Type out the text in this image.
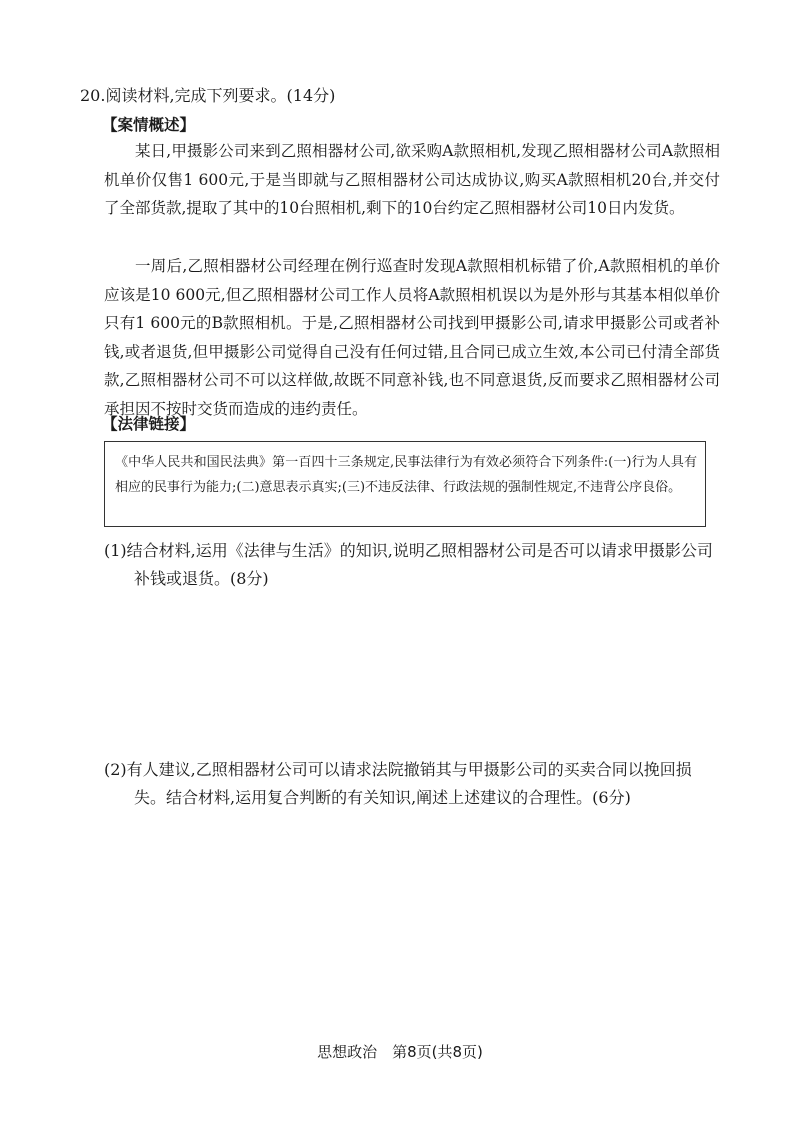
20.阅读材料,完成下列要求。(14分)
【案情概述】

某日,甲摄影公司来到乙照相器材公司,欲采购A款照相机,发现乙照相器材公司A款照相机单价仅售1 600元,于是当即就与乙照相器材公司达成协议,购买A款照相机20台,并交付了全部货款,提取了其中的10台照相机,剩下的10台约定乙照相器材公司10日内发货。

一周后,乙照相器材公司经理在例行巡查时发现A款照相机标错了价,A款照相机的单价应该是10 600元,但乙照相器材公司工作人员将A款照相机误以为是外形与其基本相似单价只有1 600元的B款照相机。于是,乙照相器材公司找到甲摄影公司,请求甲摄影公司或者补钱,或者退货,但甲摄影公司觉得自己没有任何过错,且合同已成立生效,本公司已付清全部货款,乙照相器材公司不可以这样做,故既不同意补钱,也不同意退货,反而要求乙照相器材公司承担因不按时交货而造成的违约责任。

【法律链接】

《中华人民共和国民法典》第一百四十三条规定,民事法律行为有效必须符合下列条件:(一)行为人具有相应的民事行为能力;(二)意思表示真实;(三)不违反法律、行政法规的强制性规定,不违背公序良俗。

(1)结合材料,运用《法律与生活》的知识,说明乙照相器材公司是否可以请求甲摄影公司
补钱或退货。(8分)
(2)有人建议,乙照相器材公司可以请求法院撤销其与甲摄影公司的买卖合同以挽回损
失。结合材料,运用复合判断的有关知识,阐述上述建议的合理性。(6分)
思想政治　第8页(共8页)
